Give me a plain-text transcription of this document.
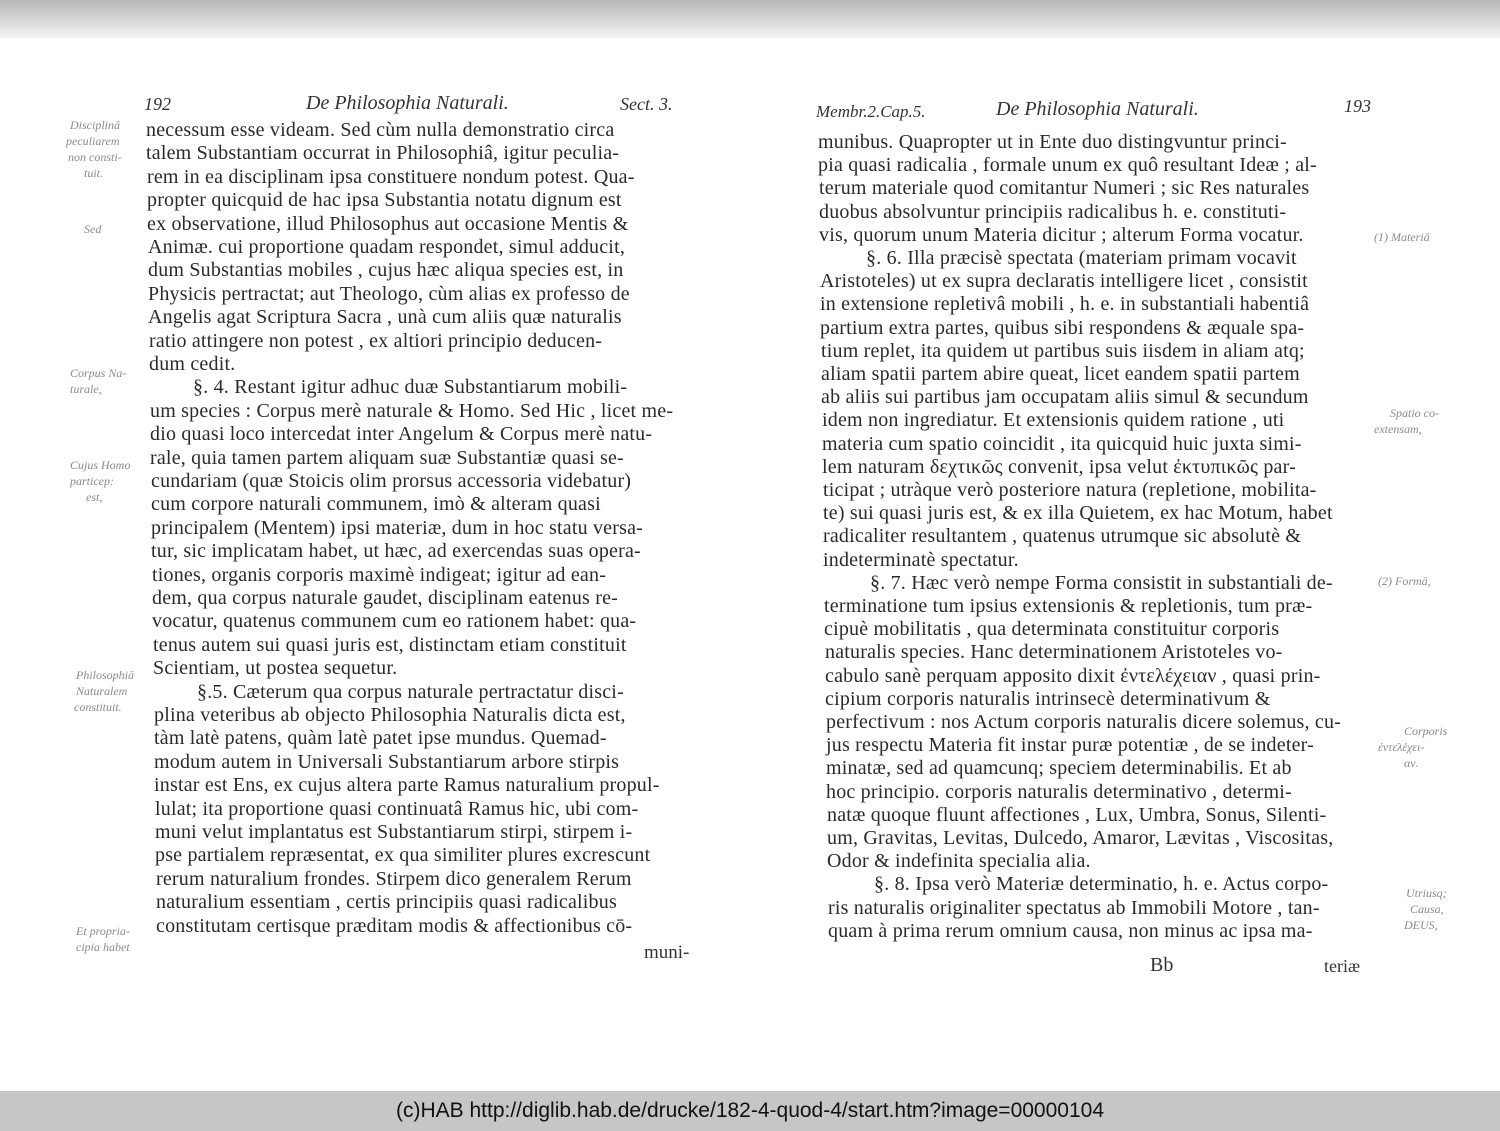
192	De Philosophia Naturali.	Sect. 3.
necessum esse videam. Sed cùm nulla demonstratio circa
talem Substantiam occurrat in Philosophiâ, igitur peculia-
rem in ea disciplinam ipsa constituere nondum potest. Qua-
propter quicquid de hac ipsa Substantia notatu dignum est
ex observatione, illud Philosophus aut occasione Mentis &
Animæ. cui proportione quadam respondet, simul adducit,
dum Substantias mobiles , cujus hæc aliqua species est, in
Physicis pertractat; aut Theologo, cùm alias ex professo de
Angelis agat Scriptura Sacra , unà cum aliis quæ naturalis
ratio attingere non potest , ex altiori principio deducen-
dum cedit.
§. 4. Restant igitur adhuc duæ Substantiarum mobili-
um species : Corpus merè naturale & Homo. Sed Hic , licet me-
dio quasi loco intercedat inter Angelum & Corpus merè natu-
rale, quia tamen partem aliquam suæ Substantiæ quasi se-
cundariam (quæ Stoicis olim prorsus accessoria videbatur)
cum corpore naturali communem, imò & alteram quasi
principalem (Mentem) ipsi materiæ, dum in hoc statu versa-
tur, sic implicatam habet, ut hæc, ad exercendas suas opera-
tiones, organis corporis maximè indigeat; igitur ad ean-
dem, qua corpus naturale gaudet, disciplinam eatenus re-
vocatur, quatenus communem cum eo rationem habet: qua-
tenus autem sui quasi juris est, distinctam etiam constituit
Scientiam, ut postea sequetur.
§.5. Cæterum qua corpus naturale pertractatur disci-
plina veteribus ab objecto Philosophia Naturalis dicta est,
tàm latè patens, quàm latè patet ipse mundus. Quemad-
modum autem in Universali Substantiarum arbore stirpis
instar est Ens, ex cujus altera parte Ramus naturalium propul-
lulat; ita proportione quasi continuatâ Ramus hic, ubi com-
muni velut implantatus est Substantiarum stirpi, stirpem i-
pse partialem repræsentat, ex qua similiter plures excrescunt
rerum naturalium frondes. Stirpem dico generalem Rerum
naturalium essentiam , certis principiis quasi radicalibus
constitutam certisque præditam modis & affectionibus cō-
Disciplinā
peculiarem
non consti-
tuit.
Sed
Corpus Na-
turale,
Cujus Homo
particep:
est,
Philosophiā
Naturalem
constituit.
Et propria-
cipia habet	muni-
Membr.2.Cap.5.	De Philosophia Naturali.	193
munibus. Quapropter ut in Ente duo distingvuntur princi-
pia quasi radicalia , formale unum ex quô resultant Ideæ ; al-
terum materiale quod comitantur Numeri ; sic Res naturales
duobus absolvuntur principiis radicalibus h. e. constituti-
vis, quorum unum Materia dicitur ; alterum Forma vocatur.
§. 6. Illa præcisè spectata (materiam primam vocavit
Aristoteles) ut ex supra declaratis intelligere licet , consistit
in extensione repletivâ mobili , h. e. in substantiali habentiâ
partium extra partes, quibus sibi respondens & æquale spa-
tium replet, ita quidem ut partibus suis iisdem in aliam atq;
aliam spatii partem abire queat, licet eandem spatii partem
ab aliis sui partibus jam occupatam aliis simul & secundum
idem non ingrediatur. Et extensionis quidem ratione , uti
materia cum spatio coincidit , ita quicquid huic juxta simi-
lem naturam δεχτικῶς convenit, ipsa velut ἐκτυπικῶς par-
ticipat ; utràque verò posteriore natura (repletione, mobilita-
te) sui quasi juris est, & ex illa Quietem, ex hac Motum, habet
radicaliter resultantem , quatenus utrumque sic absolutè &
indeterminatè spectatur.
§. 7. Hæc verò nempe Forma consistit in substantiali de-
terminatione tum ipsius extensionis & repletionis, tum præ-
cipuè mobilitatis , qua determinata constituitur corporis
naturalis species. Hanc determinationem Aristoteles vo-
cabulo sanè perquam apposito dixit ἐντελέχειαν , quasi prin-
cipium corporis naturalis intrinsecè determinativum &
perfectivum : nos Actum corporis naturalis dicere solemus, cu-
jus respectu Materia fit instar puræ potentiæ , de se indeter-
minatæ, sed ad quamcunq; speciem determinabilis. Et ab
hoc principio. corporis naturalis determinativo , determi-
natæ quoque fluunt affectiones , Lux, Umbra, Sonus, Silenti-
um, Gravitas, Levitas, Dulcedo, Amaror, Lævitas , Viscositas,
Odor & indefinita specialia alia.
§. 8. Ipsa verò Materiæ determinatio, h. e. Actus corpo-
ris naturalis originaliter spectatus ab Immobili Motore , tan-
quam à prima rerum omnium causa, non minus ac ipsa ma-
(1) Materiā
Spatio co-
extensam,
(2) Formā,
Corporis
ἐντελέχει-
αν.
Utriusq;
Causa,
DEUS,
Bb	teriæ
(c)HAB http://diglib.hab.de/drucke/182-4-quod-4/start.htm?image=00000104
